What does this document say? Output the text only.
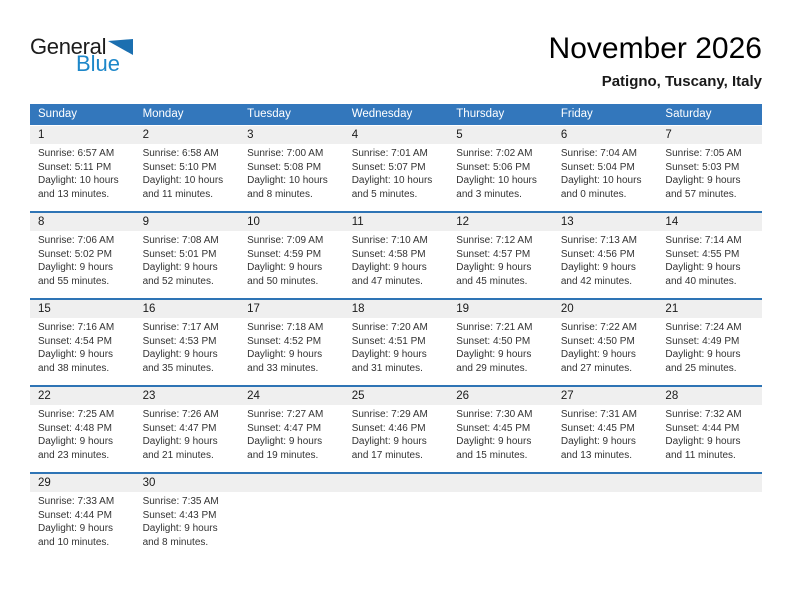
General
Blue	November 2026
Patigno, Tuscany, Italy
Sunday	Monday	Tuesday	Wednesday	Thursday	Friday	Saturday
1	2	3	4	5	6	7
Sunrise: 6:57 AM
Sunset: 5:11 PM
Daylight: 10 hours
and 13 minutes.
Sunrise: 6:58 AM
Sunset: 5:10 PM
Daylight: 10 hours
and 11 minutes.
Sunrise: 7:00 AM
Sunset: 5:08 PM
Daylight: 10 hours
and 8 minutes.
Sunrise: 7:01 AM
Sunset: 5:07 PM
Daylight: 10 hours
and 5 minutes.
Sunrise: 7:02 AM
Sunset: 5:06 PM
Daylight: 10 hours
and 3 minutes.
Sunrise: 7:04 AM
Sunset: 5:04 PM
Daylight: 10 hours
and 0 minutes.
Sunrise: 7:05 AM
Sunset: 5:03 PM
Daylight: 9 hours
and 57 minutes.
8	9	10	11	12	13	14
Sunrise: 7:06 AM
Sunset: 5:02 PM
Daylight: 9 hours
and 55 minutes.
Sunrise: 7:08 AM
Sunset: 5:01 PM
Daylight: 9 hours
and 52 minutes.
Sunrise: 7:09 AM
Sunset: 4:59 PM
Daylight: 9 hours
and 50 minutes.
Sunrise: 7:10 AM
Sunset: 4:58 PM
Daylight: 9 hours
and 47 minutes.
Sunrise: 7:12 AM
Sunset: 4:57 PM
Daylight: 9 hours
and 45 minutes.
Sunrise: 7:13 AM
Sunset: 4:56 PM
Daylight: 9 hours
and 42 minutes.
Sunrise: 7:14 AM
Sunset: 4:55 PM
Daylight: 9 hours
and 40 minutes.
15	16	17	18	19	20	21
Sunrise: 7:16 AM
Sunset: 4:54 PM
Daylight: 9 hours
and 38 minutes.
Sunrise: 7:17 AM
Sunset: 4:53 PM
Daylight: 9 hours
and 35 minutes.
Sunrise: 7:18 AM
Sunset: 4:52 PM
Daylight: 9 hours
and 33 minutes.
Sunrise: 7:20 AM
Sunset: 4:51 PM
Daylight: 9 hours
and 31 minutes.
Sunrise: 7:21 AM
Sunset: 4:50 PM
Daylight: 9 hours
and 29 minutes.
Sunrise: 7:22 AM
Sunset: 4:50 PM
Daylight: 9 hours
and 27 minutes.
Sunrise: 7:24 AM
Sunset: 4:49 PM
Daylight: 9 hours
and 25 minutes.
22	23	24	25	26	27	28
Sunrise: 7:25 AM
Sunset: 4:48 PM
Daylight: 9 hours
and 23 minutes.
Sunrise: 7:26 AM
Sunset: 4:47 PM
Daylight: 9 hours
and 21 minutes.
Sunrise: 7:27 AM
Sunset: 4:47 PM
Daylight: 9 hours
and 19 minutes.
Sunrise: 7:29 AM
Sunset: 4:46 PM
Daylight: 9 hours
and 17 minutes.
Sunrise: 7:30 AM
Sunset: 4:45 PM
Daylight: 9 hours
and 15 minutes.
Sunrise: 7:31 AM
Sunset: 4:45 PM
Daylight: 9 hours
and 13 minutes.
Sunrise: 7:32 AM
Sunset: 4:44 PM
Daylight: 9 hours
and 11 minutes.
29	30
Sunrise: 7:33 AM
Sunset: 4:44 PM
Daylight: 9 hours
and 10 minutes.
Sunrise: 7:35 AM
Sunset: 4:43 PM
Daylight: 9 hours
and 8 minutes.
